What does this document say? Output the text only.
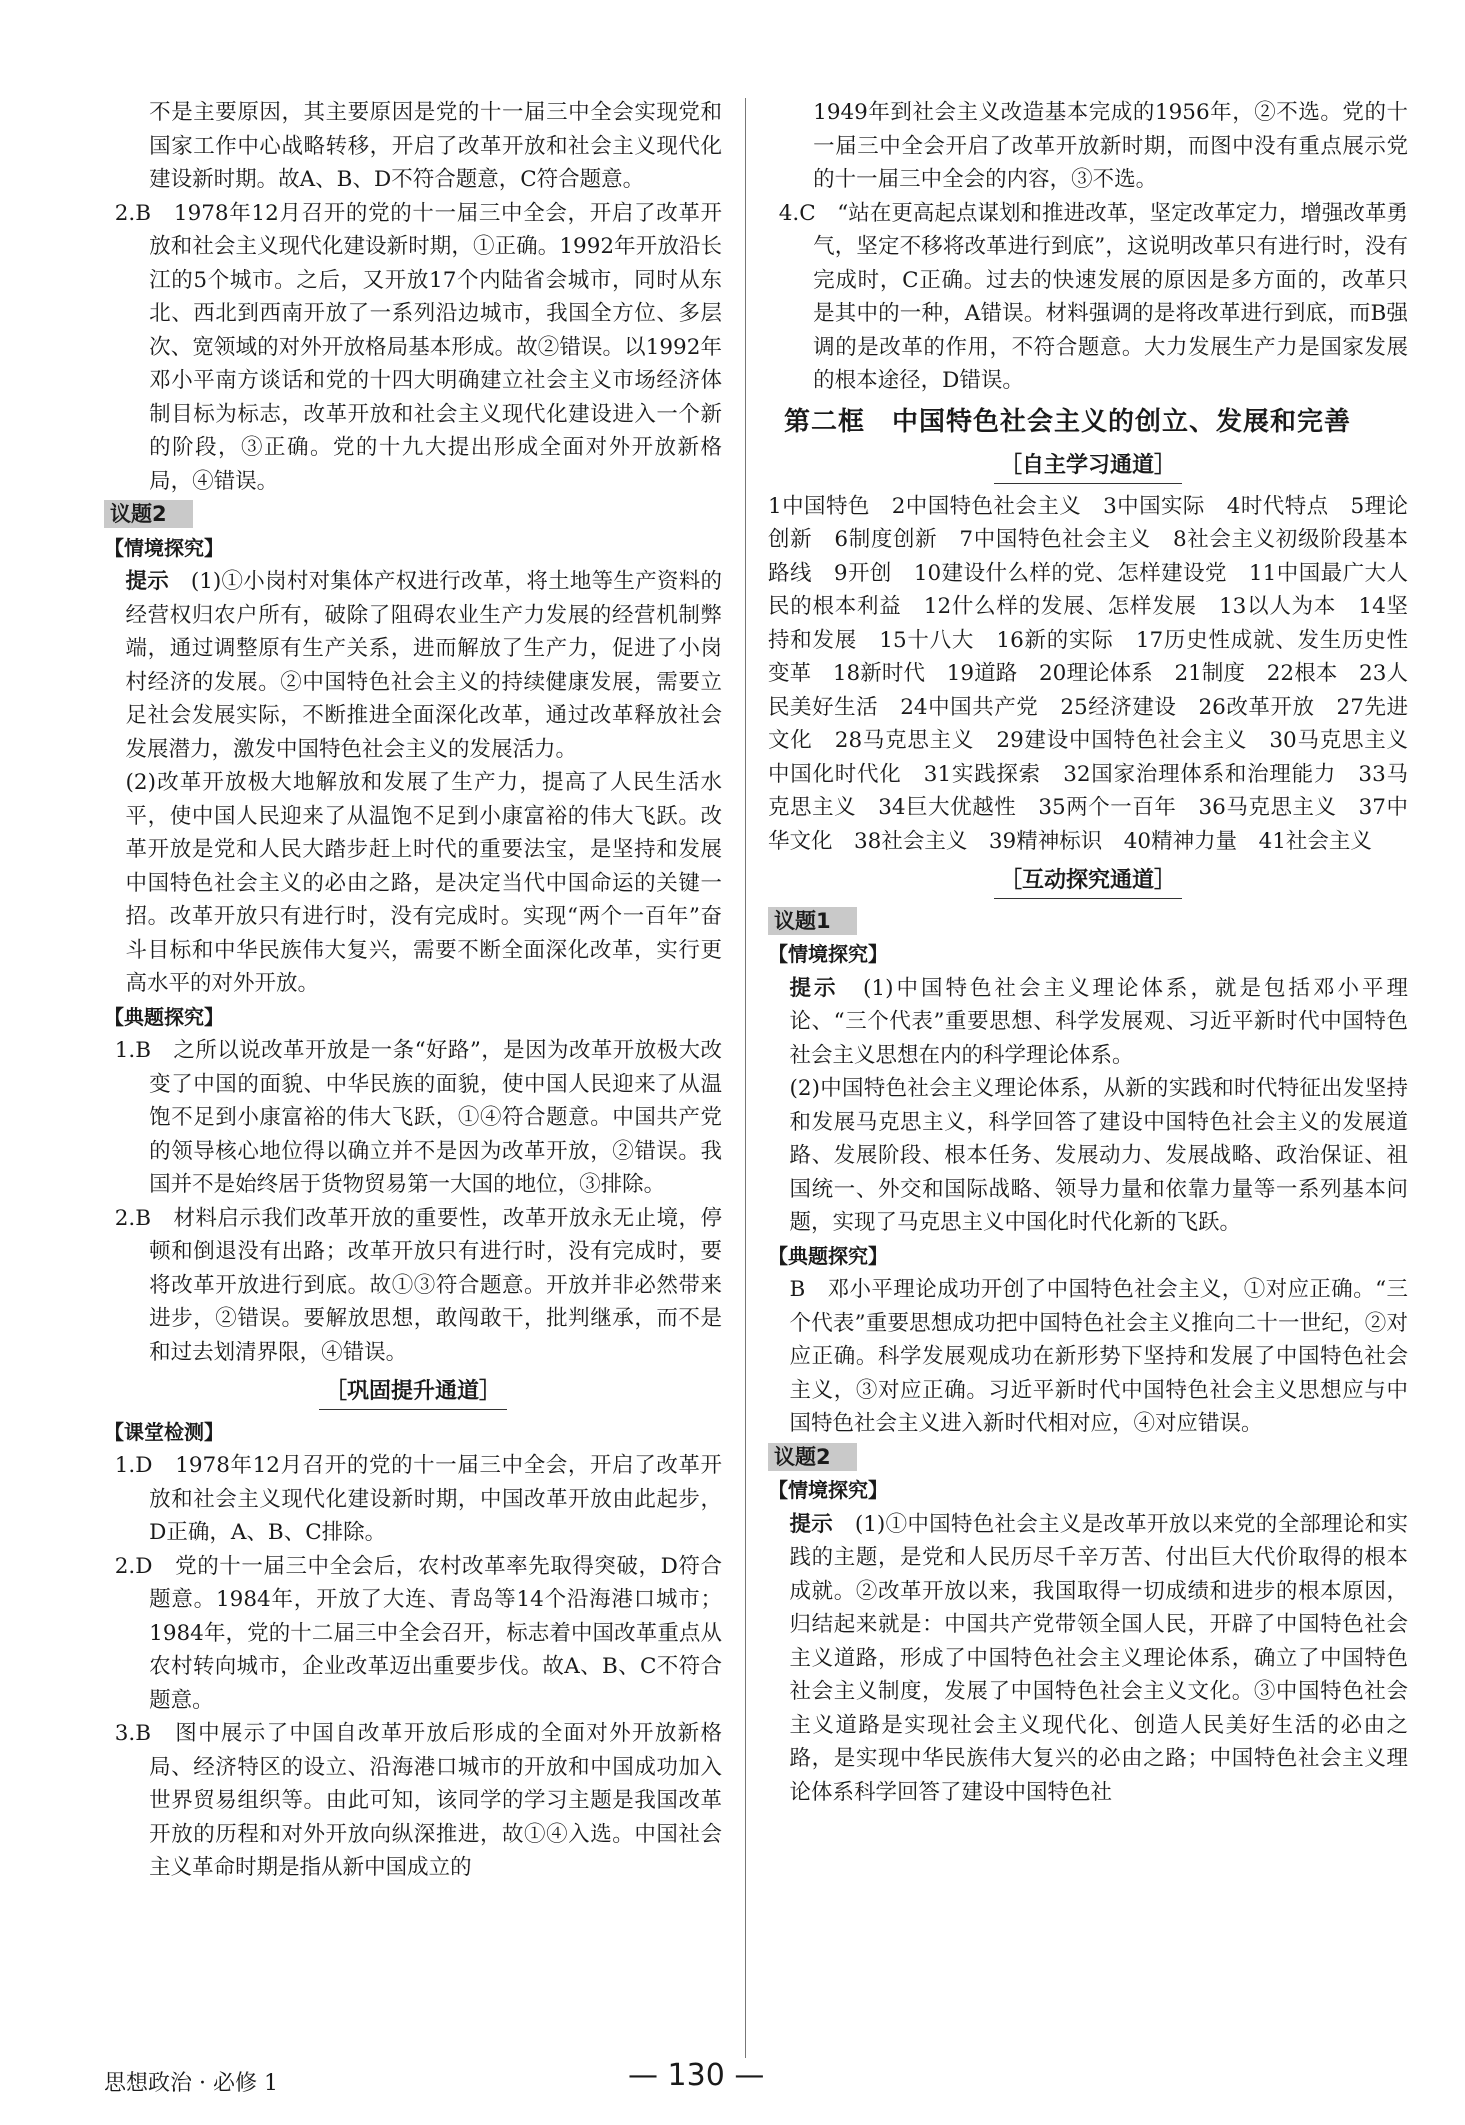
不是主要原因，其主要原因是党的十一届三中全会实现党和国家工作中心战略转移，开启了改革开放和社会主义现代化建设新时期。故A、B、D不符合题意，C符合题意。

2.B　1978年12月召开的党的十一届三中全会，开启了改革开放和社会主义现代化建设新时期，①正确。1992年开放沿长江的5个城市。之后，又开放17个内陆省会城市，同时从东北、西北到西南开放了一系列沿边城市，我国全方位、多层次、宽领域的对外开放格局基本形成。故②错误。以1992年邓小平南方谈话和党的十四大明确建立社会主义市场经济体制目标为标志，改革开放和社会主义现代化建设进入一个新的阶段，③正确。党的十九大提出形成全面对外开放新格局，④错误。

议题2
【情境探究】

提示　(1)①小岗村对集体产权进行改革，将土地等生产资料的经营权归农户所有，破除了阻碍农业生产力发展的经营机制弊端，通过调整原有生产关系，进而解放了生产力，促进了小岗村经济的发展。②中国特色社会主义的持续健康发展，需要立足社会发展实际，不断推进全面深化改革，通过改革释放社会发展潜力，激发中国特色社会主义的发展活力。

(2)改革开放极大地解放和发展了生产力，提高了人民生活水平，使中国人民迎来了从温饱不足到小康富裕的伟大飞跃。改革开放是党和人民大踏步赶上时代的重要法宝，是坚持和发展中国特色社会主义的必由之路，是决定当代中国命运的关键一招。改革开放只有进行时，没有完成时。实现“两个一百年”奋斗目标和中华民族伟大复兴，需要不断全面深化改革，实行更高水平的对外开放。

【典题探究】

1.B　之所以说改革开放是一条“好路”，是因为改革开放极大改变了中国的面貌、中华民族的面貌，使中国人民迎来了从温饱不足到小康富裕的伟大飞跃，①④符合题意。中国共产党的领导核心地位得以确立并不是因为改革开放，②错误。我国并不是始终居于货物贸易第一大国的地位，③排除。

2.B　材料启示我们改革开放的重要性，改革开放永无止境，停顿和倒退没有出路；改革开放只有进行时，没有完成时，要将改革开放进行到底。故①③符合题意。开放并非必然带来进步，②错误。要解放思想，敢闯敢干，批判继承，而不是和过去划清界限，④错误。

［巩固提升通道］
【课堂检测】

1.D　1978年12月召开的党的十一届三中全会，开启了改革开放和社会主义现代化建设新时期，中国改革开放由此起步，D正确，A、B、C排除。

2.D　党的十一届三中全会后，农村改革率先取得突破，D符合题意。1984年，开放了大连、青岛等14个沿海港口城市；1984年，党的十二届三中全会召开，标志着中国改革重点从农村转向城市，企业改革迈出重要步伐。故A、B、C不符合题意。

3.B　图中展示了中国自改革开放后形成的全面对外开放新格局、经济特区的设立、沿海港口城市的开放和中国成功加入世界贸易组织等。由此可知，该同学的学习主题是我国改革开放的历程和对外开放向纵深推进，故①④入选。中国社会主义革命时期是指从新中国成立的

1949年到社会主义改造基本完成的1956年，②不选。党的十一届三中全会开启了改革开放新时期，而图中没有重点展示党的十一届三中全会的内容，③不选。

4.C　“站在更高起点谋划和推进改革，坚定改革定力，增强改革勇气，坚定不移将改革进行到底”，这说明改革只有进行时，没有完成时，C正确。过去的快速发展的原因是多方面的，改革只是其中的一种，A错误。材料强调的是将改革进行到底，而B强调的是改革的作用，不符合题意。大力发展生产力是国家发展的根本途径，D错误。

第二框　中国特色社会主义的创立、发展和完善
［自主学习通道］

1中国特色　2中国特色社会主义　3中国实际　4时代特点　5理论创新　6制度创新　7中国特色社会主义　8社会主义初级阶段基本路线　9开创　10建设什么样的党、怎样建设党　11中国最广大人民的根本利益　12什么样的发展、怎样发展　13以人为本　14坚持和发展　15十八大　16新的实际　17历史性成就、发生历史性变革　18新时代　19道路　20理论体系　21制度　22根本　23人民美好生活　24中国共产党　25经济建设　26改革开放　27先进文化　28马克思主义　29建设中国特色社会主义　30马克思主义中国化时代化　31实践探索　32国家治理体系和治理能力　33马克思主义　34巨大优越性　35两个一百年　36马克思主义　37中华文化　38社会主义　39精神标识　40精神力量　41社会主义

［互动探究通道］
议题1
【情境探究】

提示　(1)中国特色社会主义理论体系，就是包括邓小平理论、“三个代表”重要思想、科学发展观、习近平新时代中国特色社会主义思想在内的科学理论体系。

(2)中国特色社会主义理论体系，从新的实践和时代特征出发坚持和发展马克思主义，科学回答了建设中国特色社会主义的发展道路、发展阶段、根本任务、发展动力、发展战略、政治保证、祖国统一、外交和国际战略、领导力量和依靠力量等一系列基本问题，实现了马克思主义中国化时代化新的飞跃。

【典题探究】

B　邓小平理论成功开创了中国特色社会主义，①对应正确。“三个代表”重要思想成功把中国特色社会主义推向二十一世纪，②对应正确。科学发展观成功在新形势下坚持和发展了中国特色社会主义，③对应正确。习近平新时代中国特色社会主义思想应与中国特色社会主义进入新时代相对应，④对应错误。

议题2
【情境探究】

提示　(1)①中国特色社会主义是改革开放以来党的全部理论和实践的主题，是党和人民历尽千辛万苦、付出巨大代价取得的根本成就。②改革开放以来，我国取得一切成绩和进步的根本原因，归结起来就是：中国共产党带领全国人民，开辟了中国特色社会主义道路，形成了中国特色社会主义理论体系，确立了中国特色社会主义制度，发展了中国特色社会主义文化。③中国特色社会主义道路是实现社会主义现代化、创造人民美好生活的必由之路，是实现中华民族伟大复兴的必由之路；中国特色社会主义理论体系科学回答了建设中国特色社

思想政治 · 必修 1	— 130 —
